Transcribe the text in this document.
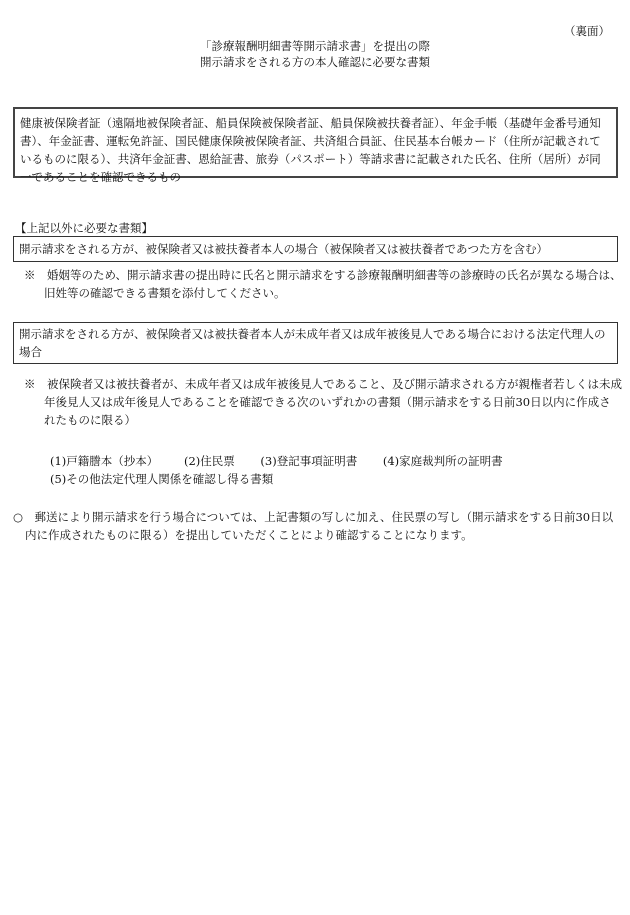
（裏面）
「診療報酬明細書等開示請求書」を提出の際
開示請求をされる方の本人確認に必要な書類

健康被保険者証（遠隔地被保険者証、船員保険被保険者証、船員保険被扶養者証）、年金手帳（基礎年金番号通知書）、年金証書、運転免許証、国民健康保険被保険者証、共済組合員証、住民基本台帳カード（住所が記載されているものに限る）、共済年金証書、恩給証書、旅券（パスポート）等請求書に記載された氏名、住所（居所）が同一であることを確認できるもの

【上記以外に必要な書類】
開示請求をされる方が、被保険者又は被扶養者本人の場合（被保険者又は被扶養者であつた方を含む）

※　婚姻等のため、開示請求書の提出時に氏名と開示請求をする診療報酬明細書等の診療時の氏名が異なる場合は、旧姓等の確認できる書類を添付してください。

開示請求をされる方が、被保険者又は被扶養者本人が未成年者又は成年被後見人である場合における法定代理人の場合

※　被保険者又は被扶養者が、未成年者又は成年被後見人であること、及び開示請求される方が親権者若しくは未成年後見人又は成年後見人であることを確認できる次のいずれかの書類（開示請求をする日前30日以内に作成されたものに限る）

(1)戸籍謄本（抄本） (2)住民票 (3)登記事項証明書 (4)家庭裁判所の証明書
(5)その他法定代理人関係を確認し得る書類

○　郵送により開示請求を行う場合については、上記書類の写しに加え、住民票の写し（開示請求をする日前30日以内に作成されたものに限る）を提出していただくことにより確認することになります。
